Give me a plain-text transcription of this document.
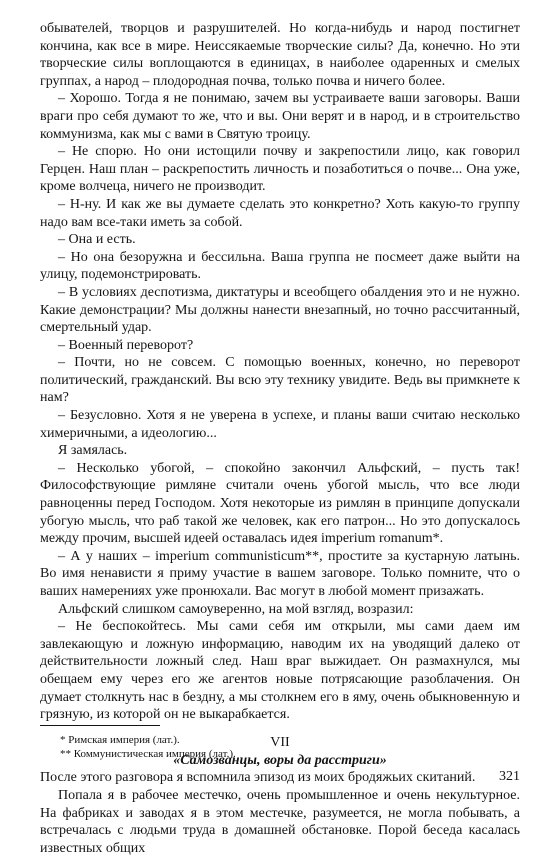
обывателей, творцов и разрушителей. Но когда-нибудь и народ постигнет кончина, как все в мире. Неиссякаемые творческие силы? Да, конечно. Но эти творческие силы воплощаются в единицах, в наиболее одаренных и смелых группах, а народ – плодородная почва, только почва и ничего более.

– Хорошо. Тогда я не понимаю, зачем вы устраиваете ваши заговоры. Ваши враги про себя думают то же, что и вы. Они верят и в народ, и в строительство коммунизма, как мы с вами в Святую троицу.

– Не спорю. Но они истощили почву и закрепостили лицо, как говорил Герцен. Наш план – раскрепостить личность и позаботиться о почве... Она уже, кроме волчеца, ничего не производит.

– Н-ну. И как же вы думаете сделать это конкретно? Хоть какую-то группу надо вам все-таки иметь за собой.

– Она и есть.

– Но она безоружна и бессильна. Ваша группа не посмеет даже выйти на улицу, подемонстрировать.

– В условиях деспотизма, диктатуры и всеобщего обалдения это и не нужно. Какие демонстрации? Мы должны нанести внезапный, но точно рассчитанный, смертельный удар.

– Военный переворот?

– Почти, но не совсем. С помощью военных, конечно, но переворот политический, гражданский. Вы всю эту технику увидите. Ведь вы примкнете к нам?

– Безусловно. Хотя я не уверена в успехе, и планы ваши считаю несколько химеричными, а идеологию...

Я замялась.

– Несколько убогой, – спокойно закончил Альфский, – пусть так! Философствующие римляне считали очень убогой мысль, что все люди равноценны перед Господом. Хотя некоторые из римлян в принципе допускали убогую мысль, что раб такой же человек, как его патрон... Но это допускалось между прочим, высшей идеей оставалась идея imperium romanum*.

– А у наших – imperium communisticum**, простите за кустарную латынь. Во имя ненависти я приму участие в вашем заговоре. Только помните, что о ваших намерениях уже пронюхали. Вас могут в любой момент призажать.

Альфский слишком самоуверенно, на мой взгляд, возразил:

– Не беспокойтесь. Мы сами себя им открыли, мы сами даем им завлекающую и ложную информацию, наводим их на уводящий далеко от действительности ложный след. Наш враг выжидает. Он размахнулся, мы обещаем ему через его же агентов новые потрясающие разоблачения. Он думает столкнуть нас в бездну, а мы столкнем его в яму, очень обыкновенную и грязную, из которой он не выкарабкается.

VII
«Самозванцы, воры да расстриги»

После этого разговора я вспомнила эпизод из моих бродяжьих скитаний.

Попала я в рабочее местечко, очень промышленное и очень некультурное. На фабриках и заводах я в этом местечке, разумеется, не могла побывать, а встречалась с людьми труда в домашней обстановке. Порой беседа касалась известных общих

* Римская империя (лат.).
** Коммунистическая империя (лат.).
321
